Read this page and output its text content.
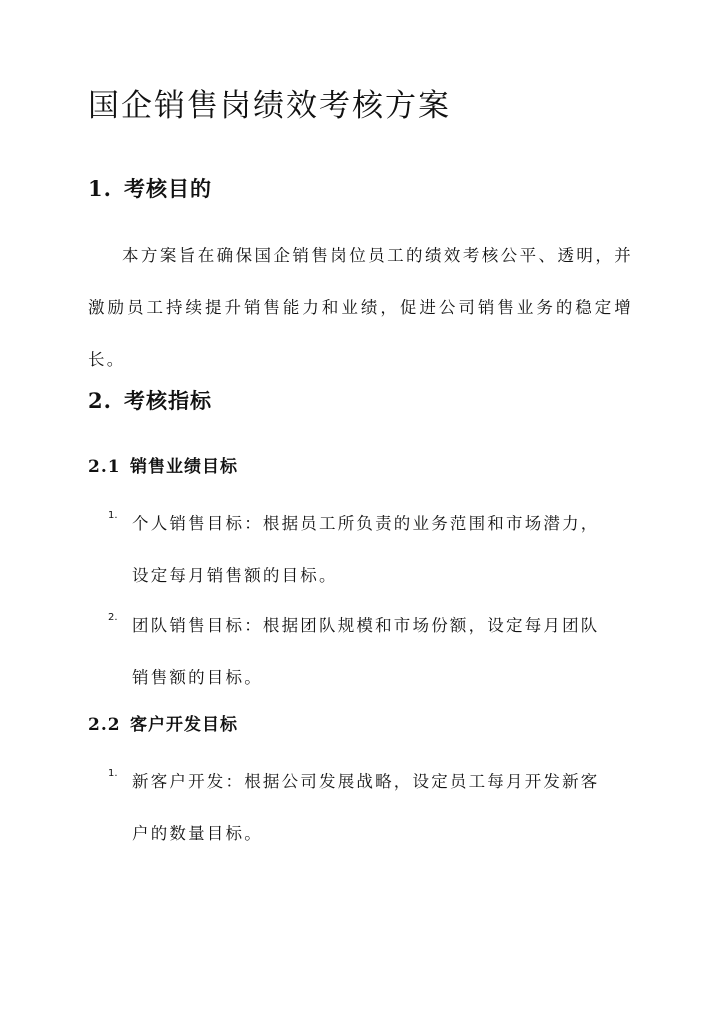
国企销售岗绩效考核方案
1. 考核目的
本方案旨在确保国企销售岗位员工的绩效考核公平、透明，并激励员工持续提升销售能力和业绩，促进公司销售业务的稳定增长。
2. 考核指标
2.1 销售业绩目标
1. 个人销售目标：根据员工所负责的业务范围和市场潜力，设定每月销售额的目标。
2. 团队销售目标：根据团队规模和市场份额，设定每月团队销售额的目标。
2.2 客户开发目标
1. 新客户开发：根据公司发展战略，设定员工每月开发新客户的数量目标。
